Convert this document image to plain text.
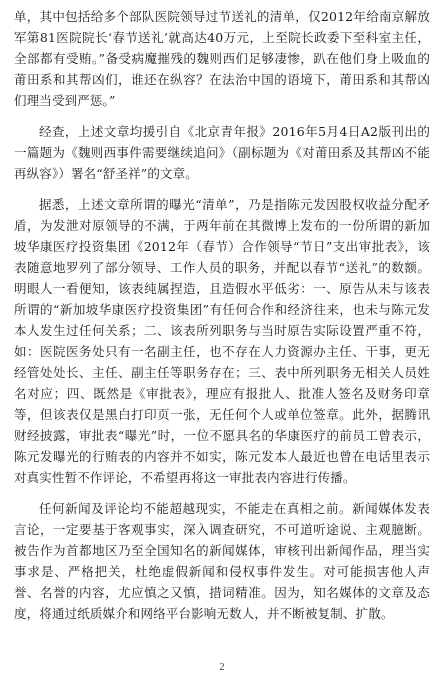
单，其中包括给多个部队医院领导过节送礼的清单，仅2012年给南京解放军第81医院院长‘春节送礼’就高达40万元，上至院长政委下至科室主任，全部都有受贿。”备受病魔摧残的魏则西们足够凄惨，趴在他们身上吸血的莆田系和其帮凶们，谁还在纵容？在法治中国的语境下，莆田系和其帮凶们理当受到严惩。”

经查，上述文章均援引自《北京青年报》2016年5月4日A2版刊出的一篇题为《魏则西事件需要继续追问》（副标题为《对莆田系及其帮凶不能再纵容》）署名“舒圣祥”的文章。

据悉，上述文章所谓的曝光“清单”，乃是指陈元发因股权收益分配矛盾，为发泄对原领导的不满，于两年前在其微博上发布的一份所谓的新加坡华康医疗投资集团《2012年（春节）合作领导“节日”支出审批表》，该表随意地罗列了部分领导、工作人员的职务，并配以春节“送礼”的数额。明眼人一看便知，该表纯属捏造，且造假水平低劣：一、原告从未与该表所谓的“新加坡华康医疗投资集团”有任何合作和经济往来，也未与陈元发本人发生过任何关系；二、该表所列职务与当时原告实际设置严重不符，如：医院医务处只有一名副主任，也不存在人力资源办主任、干事，更无经管处处长、主任、副主任等职务存在；三、表中所列职务无相关人员姓名对应；四、既然是《审批表》，理应有报批人、批准人签名及财务印章等，但该表仅是黑白打印页一张，无任何个人或单位签章。此外，据腾讯财经披露，审批表“曝光”时，一位不愿具名的华康医疗的前员工曾表示，陈元发曝光的行贿表的内容并不如实，陈元发本人最近也曾在电话里表示对真实性暂不作评论，不希望再将这一审批表内容进行传播。

任何新闻及评论均不能超越现实，不能走在真相之前。新闻媒体发表言论，一定要基于客观事实，深入调查研究，不可道听途说、主观臆断。被告作为首都地区乃至全国知名的新闻媒体，审核刊出新闻作品，理当实事求是、严格把关，杜绝虚假新闻和侵权事件发生。对可能损害他人声誉、名誉的内容，尤应慎之又慎，措词精准。因为，知名媒体的文章及态度，将通过纸质媒介和网络平台影响无数人，并不断被复制、扩散。

2
